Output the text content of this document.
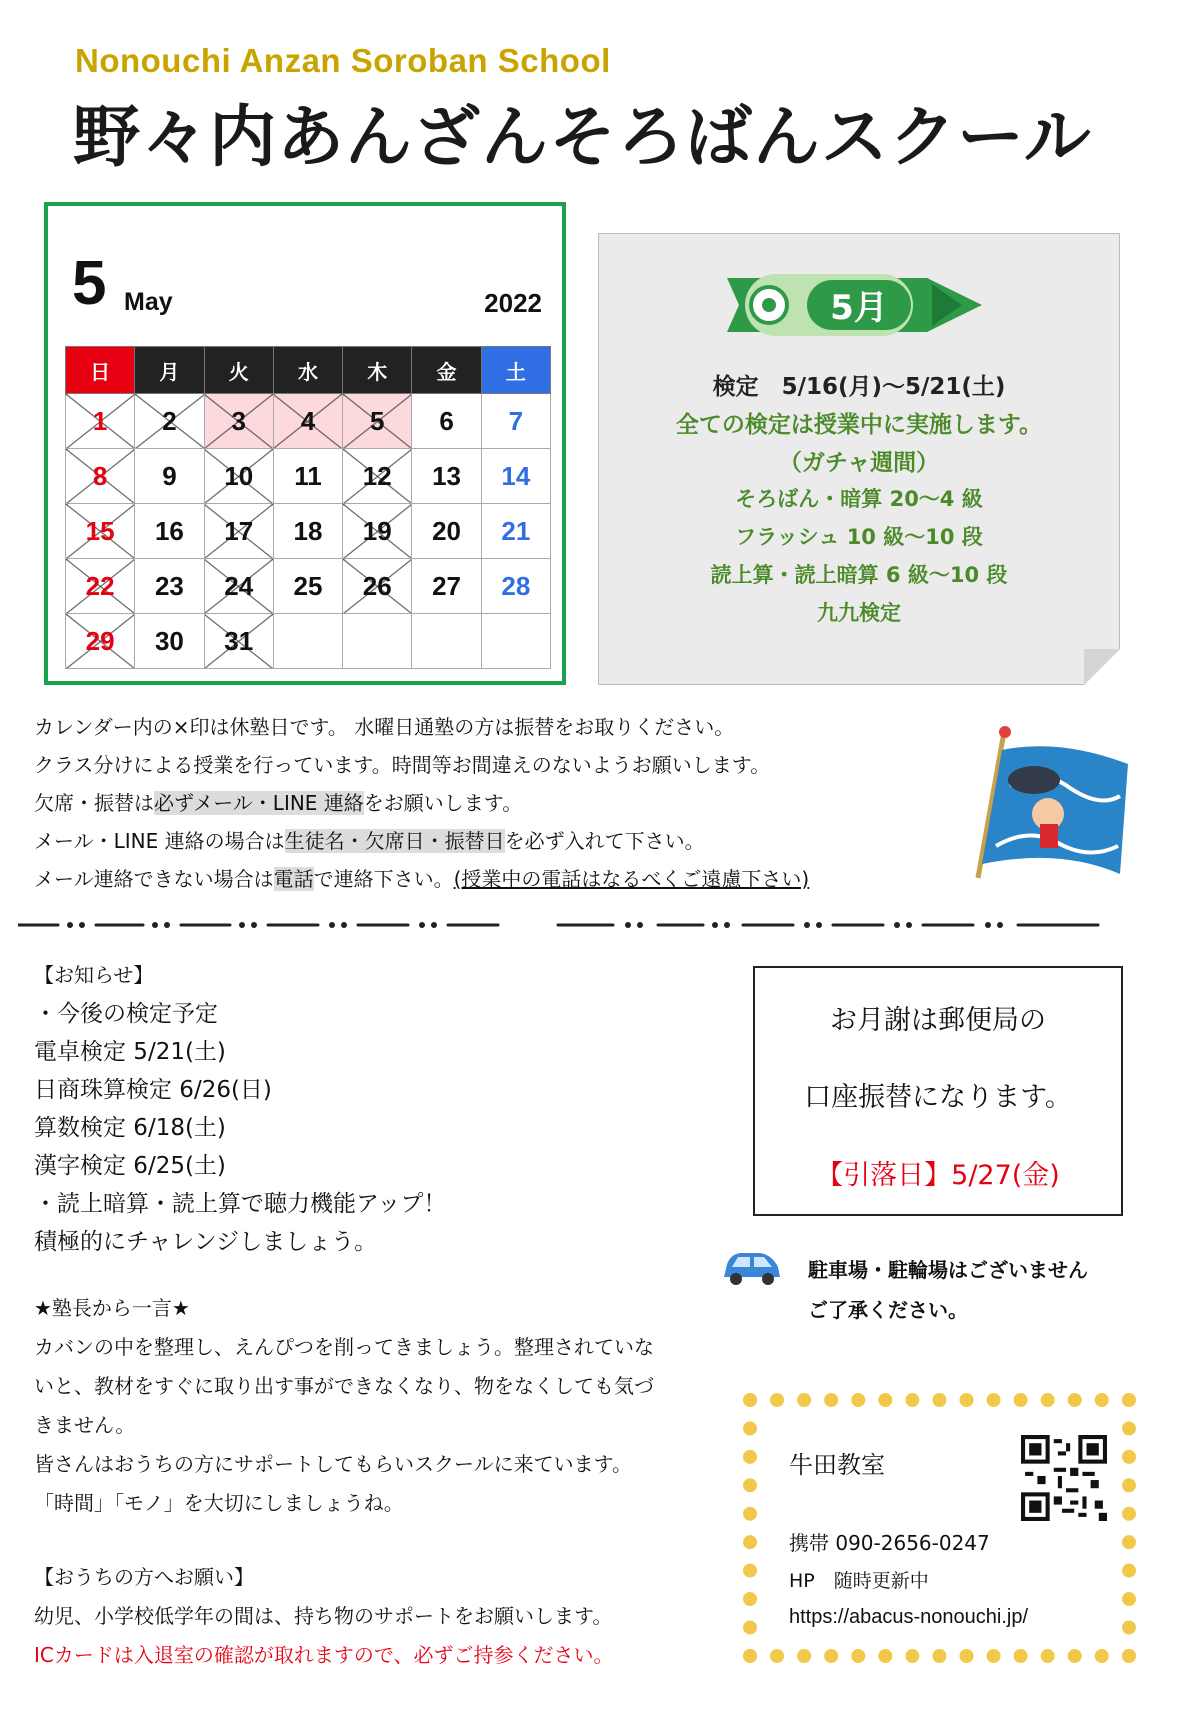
Nonouchi Anzan Soroban School
野々内あんざんそろばんスクール
5 May	2022
日	月	火	水	木	金	土
1	2	3	4	5	6	7
8	9	10	11	12	13	14
15	16	17	18	19	20	21
22	23	24	25	26	27	28
29	30	31				
5月
検定　5/16(月)～5/21(土)
全ての検定は授業中に実施します。
（ガチャ週間）
そろばん・暗算 20～4 級
フラッシュ 10 級～10 段
読上算・読上暗算 6 級～10 段
九九検定
カレンダー内の×印は休塾日です。 水曜日通塾の方は振替をお取りください。
クラス分けによる授業を行っています。時間等お間違えのないようお願いします。
欠席・振替は必ずメール・LINE 連絡をお願いします。
メール・LINE 連絡の場合は生徒名・欠席日・振替日を必ず入れて下さい。
メール連絡できない場合は電話で連絡下さい。(授業中の電話はなるべくご遠慮下さい)
【お知らせ】
・今後の検定予定
電卓検定 5/21(土)
日商珠算検定 6/26(日)
算数検定 6/18(土)
漢字検定 6/25(土)
・読上暗算・読上算で聴力機能アップ！
積極的にチャレンジしましょう。
★塾長から一言★
カバンの中を整理し、えんぴつを削ってきましょう。整理されていな
いと、教材をすぐに取り出す事ができなくなり、物をなくしても気づ
きません。
皆さんはおうちの方にサポートしてもらいスクールに来ています。
「時間」「モノ」を大切にしましょうね。
【おうちの方へお願い】
幼児、小学校低学年の間は、持ち物のサポートをお願いします。
ICカードは入退室の確認が取れますので、必ずご持参ください。
お月謝は郵便局の
口座振替になります。
【引落日】5/27(金)
駐車場・駐輪場はございません
ご了承ください。
牛田教室
携帯 090-2656-0247
HP　随時更新中
https://abacus-nonouchi.jp/
